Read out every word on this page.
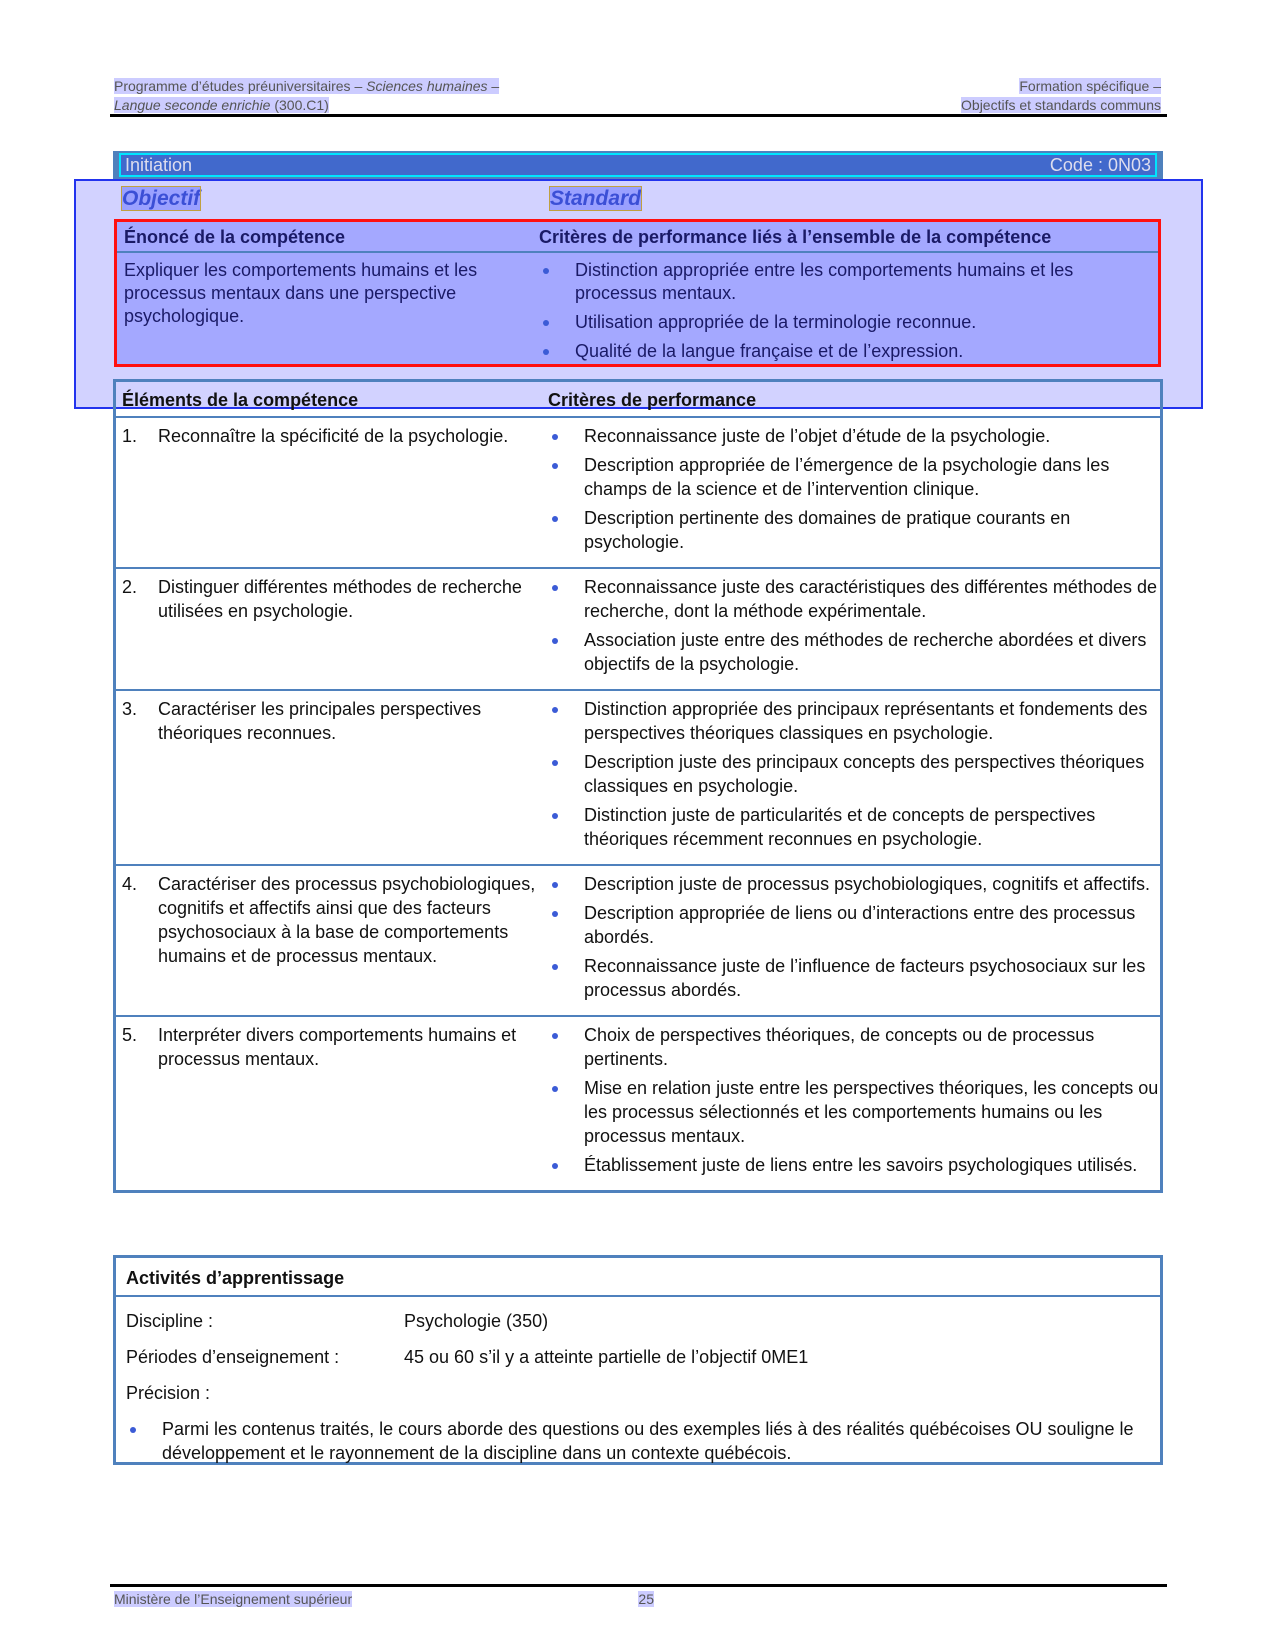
Programme d’études préuniversitaires – Sciences humaines –	Formation spécifique –
Langue seconde enrichie (300.C1)	Objectifs et standards communs
Initiation	Code : 0N03
Objectif	Standard
Énoncé de la compétence	Critères de performance liés à l’ensemble de la compétence
Expliquer les comportements humains et les processus mentaux dans une perspective psychologique.
Distinction appropriée entre les comportements humains et les processus mentaux.
Utilisation appropriée de la terminologie reconnue.
Qualité de la langue française et de l’expression.
Éléments de la compétence	Critères de performance
1.	Reconnaître la spécificité de la psychologie.	Reconnaissance juste de l’objet d’étude de la psychologie.
Description appropriée de l’émergence de la psychologie dans les champs de la science et de l’intervention clinique.
Description pertinente des domaines de pratique courants en psychologie.
2.	Distinguer différentes méthodes de recherche utilisées en psychologie.
Reconnaissance juste des caractéristiques des différentes méthodes de recherche, dont la méthode expérimentale.
Association juste entre des méthodes de recherche abordées et divers objectifs de la psychologie.
3.	Caractériser les principales perspectives théoriques reconnues.
Distinction appropriée des principaux représentants et fondements des perspectives théoriques classiques en psychologie.
Description juste des principaux concepts des perspectives théoriques classiques en psychologie.
Distinction juste de particularités et de concepts de perspectives théoriques récemment reconnues en psychologie.
4.	Caractériser des processus psychobiologiques, cognitifs et affectifs ainsi que des facteurs psychosociaux à la base de comportements humains et de processus mentaux.
Description juste de processus psychobiologiques, cognitifs et affectifs.
Description appropriée de liens ou d’interactions entre des processus abordés.
Reconnaissance juste de l’influence de facteurs psychosociaux sur les processus abordés.
5.	Interpréter divers comportements humains et processus mentaux.
Choix de perspectives théoriques, de concepts ou de processus pertinents.
Mise en relation juste entre les perspectives théoriques, les concepts ou les processus sélectionnés et les comportements humains ou les processus mentaux.
Établissement juste de liens entre les savoirs psychologiques utilisés.
Activités d’apprentissage
Discipline :	Psychologie (350)
Périodes d’enseignement :	45 ou 60 s’il y a atteinte partielle de l’objectif 0ME1
Précision :
Parmi les contenus traités, le cours aborde des questions ou des exemples liés à des réalités québécoises OU souligne le développement et le rayonnement de la discipline dans un contexte québécois.
Ministère de l’Enseignement supérieur	25
